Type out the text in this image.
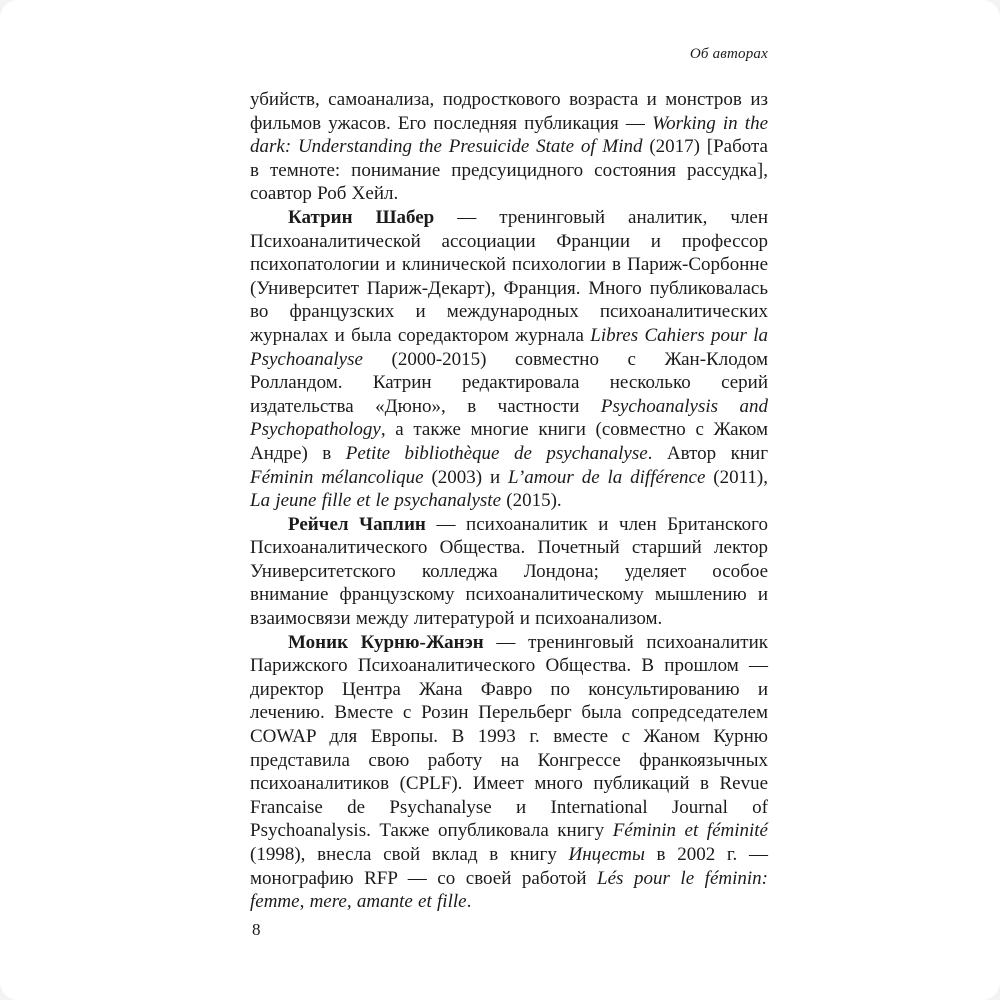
Об авторах

убийств, самоанализа, подросткового возраста и монстров из фильмов ужасов. Его последняя публикация — Working in the dark: Understanding the Presuicide State of Mind (2017) [Работа в темноте: понимание предсуицидного состояния рассудка], соавтор Роб Хейл.

Катрин Шабер — тренинговый аналитик, член Психоаналитической ассоциации Франции и профессор психопатологии и клинической психологии в Париж-Сорбонне (Университет Париж-Декарт), Франция. Много публиковалась во французских и международных психоаналитических журналах и была соредактором журнала Libres Cahiers pour la Psychoanalyse (2000-2015) совместно с Жан-Клодом Ролландом. Катрин редактировала несколько серий издательства «Дюно», в частности Psychoanalysis and Psychopathology, а также многие книги (совместно с Жаком Андре) в Petite bibliothèque de psychanalyse. Автор книг Féminin mélancolique (2003) и L’amour de la différence (2011), La jeune fille et le psychanalyste (2015).

Рейчел Чаплин — психоаналитик и член Британского Психоаналитического Общества. Почетный старший лектор Университетского колледжа Лондона; уделяет особое внимание французскому психоаналитическому мышлению и взаимосвязи между литературой и психоанализом.

Моник Курню-Жанэн — тренинговый психоаналитик Парижского Психоаналитического Общества. В прошлом — директор Центра Жана Фавро по консультированию и лечению. Вместе с Розин Перельберг была сопредседателем COWAP для Европы. В 1993 г. вместе с Жаном Курню представила свою работу на Конгрессе франкоязычных психоаналитиков (CPLF). Имеет много публикаций в Revue Francaise de Psychanalyse и International Journal of Psychoanalysis. Также опубликовала книгу Féminin et féminité (1998), внесла свой вклад в книгу Инцесты в 2002 г. — монографию RFP — со своей работой Lés pour le féminin: femme, mere, amante et fille.

8
